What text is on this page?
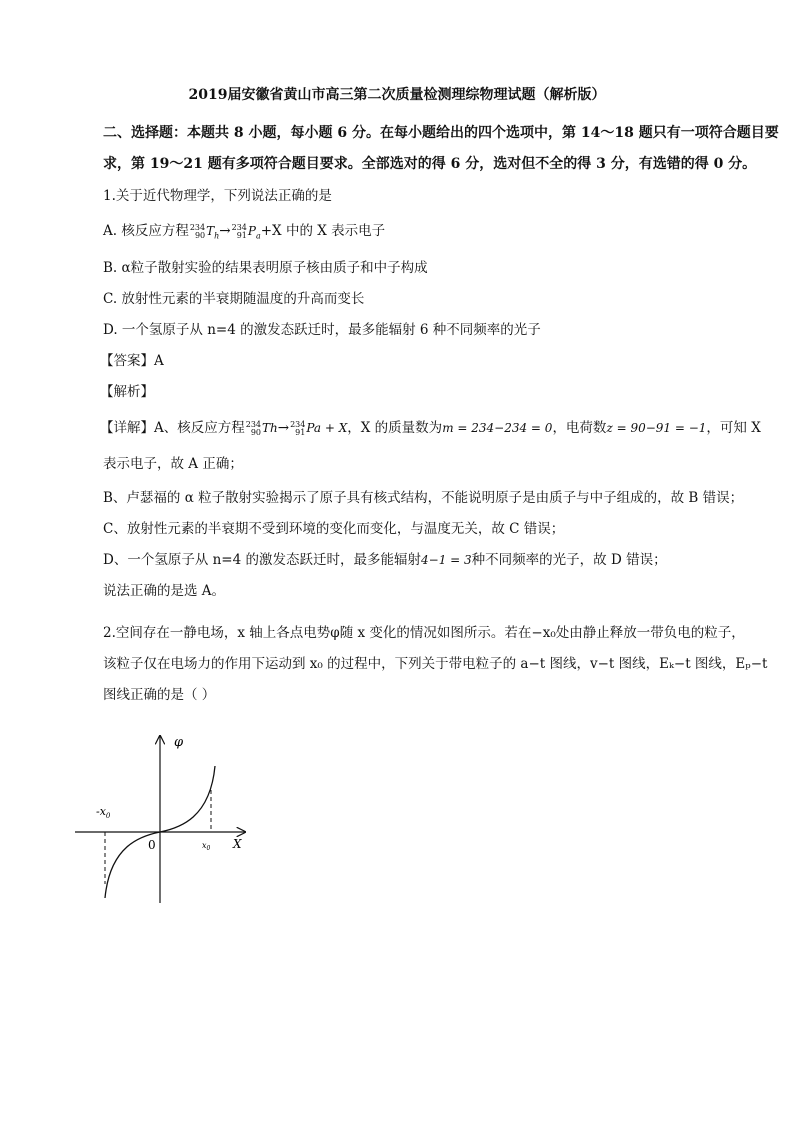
2019届安徽省黄山市高三第二次质量检测理综物理试题（解析版）
二、选择题：本题共 8 小题，每小题 6 分。在每小题给出的四个选项中，第 14～18 题只有一项符合题目要
求，第 19～21 题有多项符合题目要求。全部选对的得 6 分，选对但不全的得 3 分，有选错的得 0 分。
1.关于近代物理学，下列说法正确的是
A. 核反应方程 234
90 $T_h\to 234$
91 $P_a+X$ 中的 X 表示电子
B. α粒子散射实验的结果表明原子核由质子和中子构成
C. 放射性元素的半衰期随温度的升高而变长
D. 一个氢原子从 n=4 的激发态跃迁时，最多能辐射 6 种不同频率的光子
【答案】A
【解析】
【详解】A、核反应方程 234
90 Th→ 234
91 Pa + X，X 的质量数为m = 234−234 = 0，电荷数z = 90−91 = −1，可知 X
表示电子，故 A 正确；
B、卢瑟福的 α 粒子散射实验揭示了原子具有核式结构，不能说明原子是由质子与中子组成的，故 B 错误；
C、放射性元素的半衰期不受到环境的变化而变化，与温度无关，故 C 错误；
D、一个氢原子从 n=4 的激发态跃迁时，最多能辐射4−1 = 3种不同频率的光子，故 D 错误；
说法正确的是选 A。
2.空间存在一静电场，x 轴上各点电势φ随 x 变化的情况如图所示。若在−x₀处由静止释放一带负电的粒子，
该粒子仅在电场力的作用下运动到 x₀ 的过程中，下列关于带电粒子的 a−t 图线，v−t 图线，Eₖ−t 图线，Eₚ−t
图线正确的是（ ）
φ
X
0
$-x_0$
$x_0$
